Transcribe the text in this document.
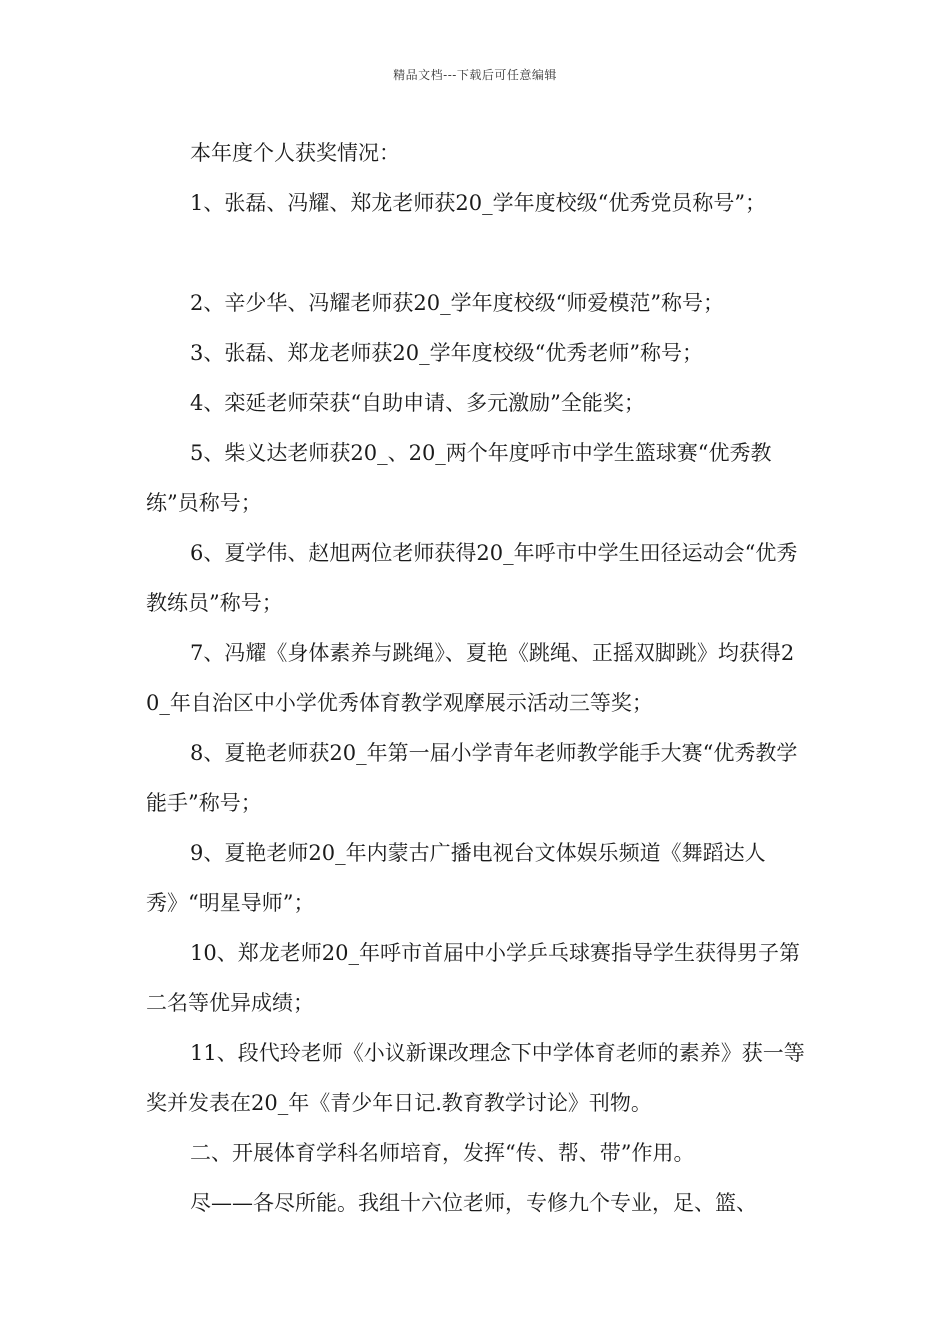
精品文档---下载后可任意编辑

本年度个人获奖情况：

1、张磊、冯耀、郑龙老师获20_学年度校级“优秀党员称号”；

2、辛少华、冯耀老师获20_学年度校级“师爱模范”称号；

3、张磊、郑龙老师获20_学年度校级“优秀老师”称号；

4、栾延老师荣获“自助申请、多元激励”全能奖；

5、柴义达老师获20_、20_两个年度呼市中学生篮球赛“优秀教练”员称号；

6、夏学伟、赵旭两位老师获得20_年呼市中学生田径运动会“优秀教练员”称号；

7、冯耀《身体素养与跳绳》、夏艳《跳绳、正摇双脚跳》均获得20_年自治区中小学优秀体育教学观摩展示活动三等奖；

8、夏艳老师获20_年第一届小学青年老师教学能手大赛“优秀教学能手”称号；

9、夏艳老师20_年内蒙古广播电视台文体娱乐频道《舞蹈达人秀》“明星导师”；

10、郑龙老师20_年呼市首届中小学乒乓球赛指导学生获得男子第二名等优异成绩；

11、段代玲老师《小议新课改理念下中学体育老师的素养》获一等奖并发表在20_年《青少年日记.教育教学讨论》刊物。

二、开展体育学科名师培育，发挥“传、帮、带”作用。

尽——各尽所能。我组十六位老师，专修九个专业，足、篮、
